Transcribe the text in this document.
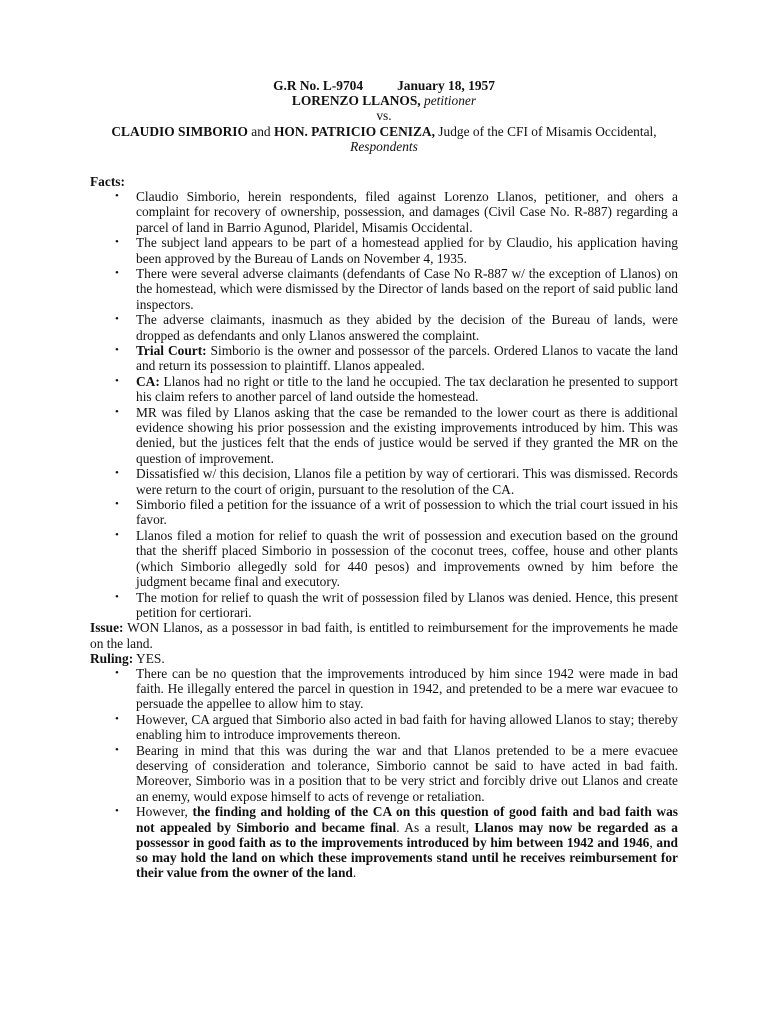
G.R No. L-9704	January 18, 1957
LORENZO LLANOS, petitioner
vs.
CLAUDIO SIMBORIO and HON. PATRICIO CENIZA, Judge of the CFI of Misamis Occidental, Respondents
Facts:
• Claudio Simborio, herein respondents, filed against Lorenzo Llanos, petitioner, and ohers a complaint for recovery of ownership, possession, and damages (Civil Case No. R-887) regarding a parcel of land in Barrio Agunod, Plaridel, Misamis Occidental.
• The subject land appears to be part of a homestead applied for by Claudio, his application having been approved by the Bureau of Lands on November 4, 1935.
• There were several adverse claimants (defendants of Case No R-887 w/ the exception of Llanos) on the homestead, which were dismissed by the Director of lands based on the report of said public land inspectors.
• The adverse claimants, inasmuch as they abided by the decision of the Bureau of lands, were dropped as defendants and only Llanos answered the complaint.
• Trial Court: Simborio is the owner and possessor of the parcels. Ordered Llanos to vacate the land and return its possession to plaintiff. Llanos appealed.
• CA: Llanos had no right or title to the land he occupied. The tax declaration he presented to support his claim refers to another parcel of land outside the homestead.
• MR was filed by Llanos asking that the case be remanded to the lower court as there is additional evidence showing his prior possession and the existing improvements introduced by him. This was denied, but the justices felt that the ends of justice would be served if they granted the MR on the question of improvement.
• Dissatisfied w/ this decision, Llanos file a petition by way of certiorari. This was dismissed. Records were return to the court of origin, pursuant to the resolution of the CA.
• Simborio filed a petition for the issuance of a writ of possession to which the trial court issued in his favor.
• Llanos filed a motion for relief to quash the writ of possession and execution based on the ground that the sheriff placed Simborio in possession of the coconut trees, coffee, house and other plants (which Simborio allegedly sold for 440 pesos) and improvements owned by him before the judgment became final and executory.
• The motion for relief to quash the writ of possession filed by Llanos was denied. Hence, this present petition for certiorari.

Issue: WON Llanos, as a possessor in bad faith, is entitled to reimbursement for the improvements he made on the land.

Ruling: YES.

• There can be no question that the improvements introduced by him since 1942 were made in bad faith. He illegally entered the parcel in question in 1942, and pretended to be a mere war evacuee to persuade the appellee to allow him to stay.
• However, CA argued that Simborio also acted in bad faith for having allowed Llanos to stay; thereby enabling him to introduce improvements thereon.
• Bearing in mind that this was during the war and that Llanos pretended to be a mere evacuee deserving of consideration and tolerance, Simborio cannot be said to have acted in bad faith. Moreover, Simborio was in a position that to be very strict and forcibly drive out Llanos and create an enemy, would expose himself to acts of revenge or retaliation.
• However, the finding and holding of the CA on this question of good faith and bad faith was not appealed by Simborio and became final. As a result, Llanos may now be regarded as a possessor in good faith as to the improvements introduced by him between 1942 and 1946, and so may hold the land on which these improvements stand until he receives reimbursement for their value from the owner of the land.
